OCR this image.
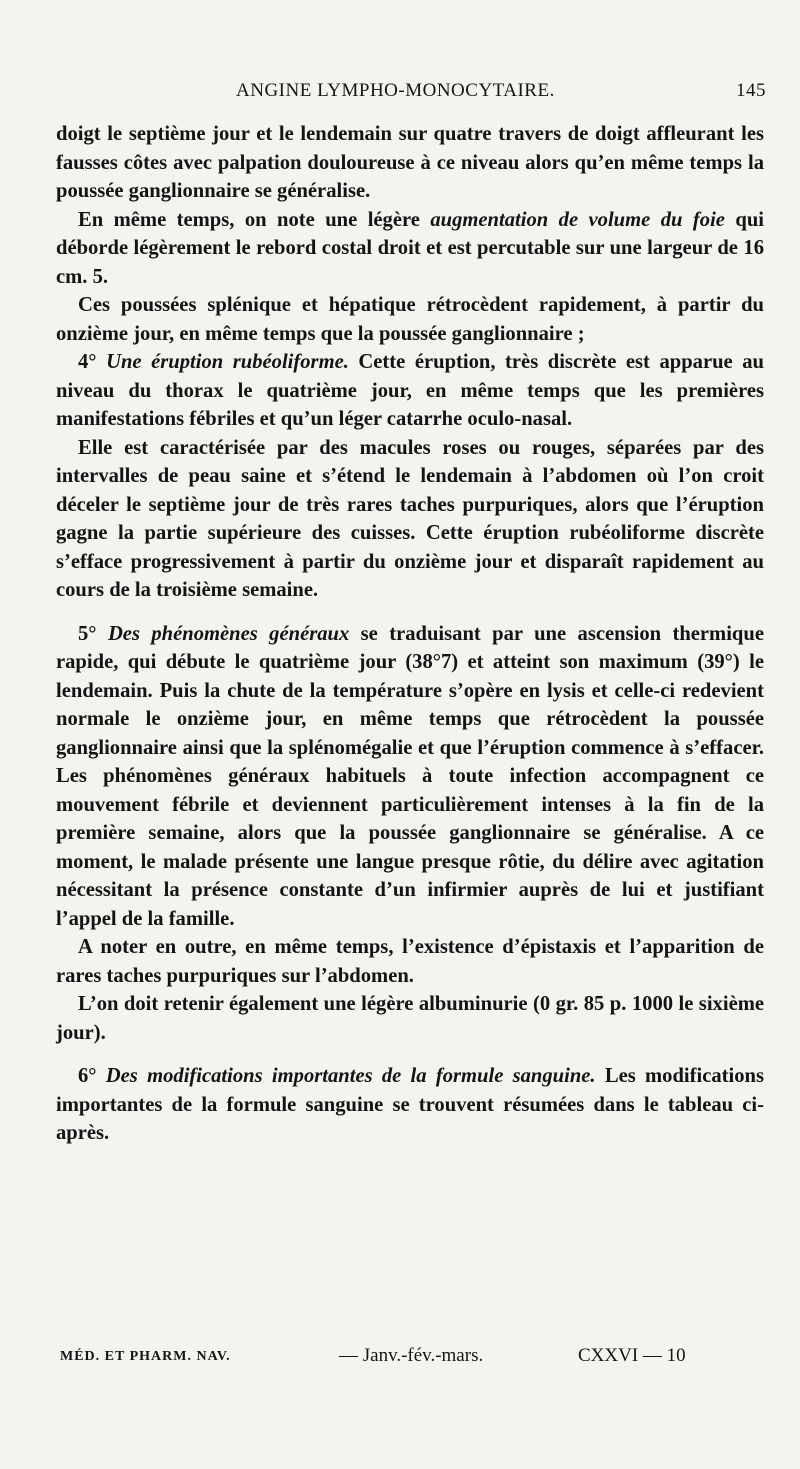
ANGINE LYMPHO-MONOCYTAIRE.	145

doigt le septième jour et le lendemain sur quatre travers de doigt affleurant les fausses côtes avec palpation douloureuse à ce niveau alors qu’en même temps la poussée ganglionnaire se généralise.

En même temps, on note une légère augmentation de volume du foie qui déborde légèrement le rebord costal droit et est percutable sur une largeur de 16 cm. 5.

Ces poussées splénique et hépatique rétrocèdent rapidement, à partir du onzième jour, en même temps que la poussée ganglionnaire ;

4° Une éruption rubéoliforme. Cette éruption, très discrète est apparue au niveau du thorax le quatrième jour, en même temps que les premières manifestations fébriles et qu’un léger catarrhe oculo-nasal.

Elle est caractérisée par des macules roses ou rouges, séparées par des intervalles de peau saine et s’étend le lendemain à l’abdomen où l’on croit déceler le septième jour de très rares taches purpuriques, alors que l’éruption gagne la partie supérieure des cuisses. Cette éruption rubéoliforme discrète s’efface progressivement à partir du onzième jour et disparaît rapidement au cours de la troisième semaine.

5° Des phénomènes généraux se traduisant par une ascension thermique rapide, qui débute le quatrième jour (38°7) et atteint son maximum (39°) le lendemain. Puis la chute de la température s’opère en lysis et celle-ci redevient normale le onzième jour, en même temps que rétrocèdent la poussée ganglionnaire ainsi que la splénomégalie et que l’éruption commence à s’effacer. Les phénomènes généraux habituels à toute infection accompagnent ce mouvement fébrile et deviennent particulièrement intenses à la fin de la première semaine, alors que la poussée ganglionnaire se généralise. A ce moment, le malade présente une langue presque rôtie, du délire avec agitation nécessitant la présence constante d’un infirmier auprès de lui et justifiant l’appel de la famille.

A noter en outre, en même temps, l’existence d’épistaxis et l’apparition de rares taches purpuriques sur l’abdomen.

L’on doit retenir également une légère albuminurie (0 gr. 85 p. 1000 le sixième jour).

6° Des modifications importantes de la formule sanguine. Les modifications importantes de la formule sanguine se trouvent résumées dans le tableau ci-après.

MÉD. ET PHARM. NAV.	— Janv.-fév.-mars.	CXXVI — 10
